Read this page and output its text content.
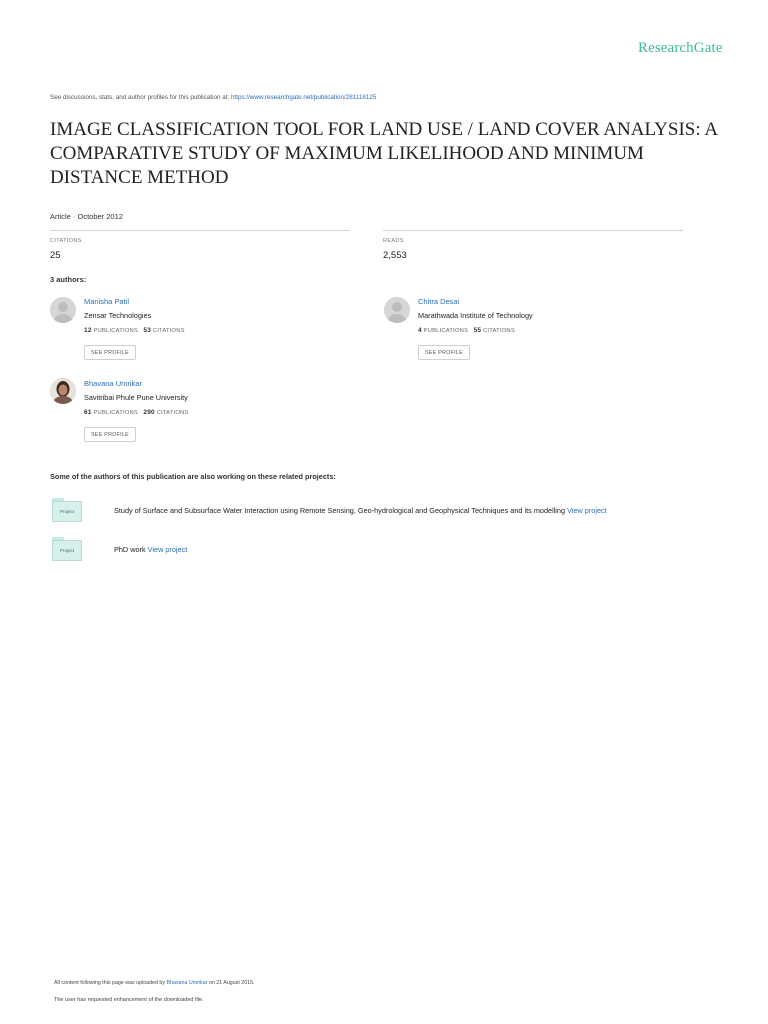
ResearchGate
See discussions, stats, and author profiles for this publication at: https://www.researchgate.net/publication/281118125
IMAGE CLASSIFICATION TOOL FOR LAND USE / LAND COVER ANALYSIS: A COMPARATIVE STUDY OF MAXIMUM LIKELIHOOD AND MINIMUM DISTANCE METHOD
Article · October 2012
CITATIONS
25
READS
2,553
3 authors:
Manisha Patil
Zensar Technologies
12 PUBLICATIONS 53 CITATIONS
SEE PROFILE
Chitra Desai
Marathwada Institute of Technology
4 PUBLICATIONS 55 CITATIONS
SEE PROFILE
Bhavana Umrikar
Savitribai Phule Pune University
61 PUBLICATIONS 290 CITATIONS
SEE PROFILE
Some of the authors of this publication are also working on these related projects:
Project	Study of Surface and Subsurface Water Interaction using Remote Sensing, Geo-hydrological and Geophysical Techniques and its modelling View project
Project	PhD work View project
All content following this page was uploaded by Bhavana Umrikar on 21 August 2015.
The user has requested enhancement of the downloaded file.
